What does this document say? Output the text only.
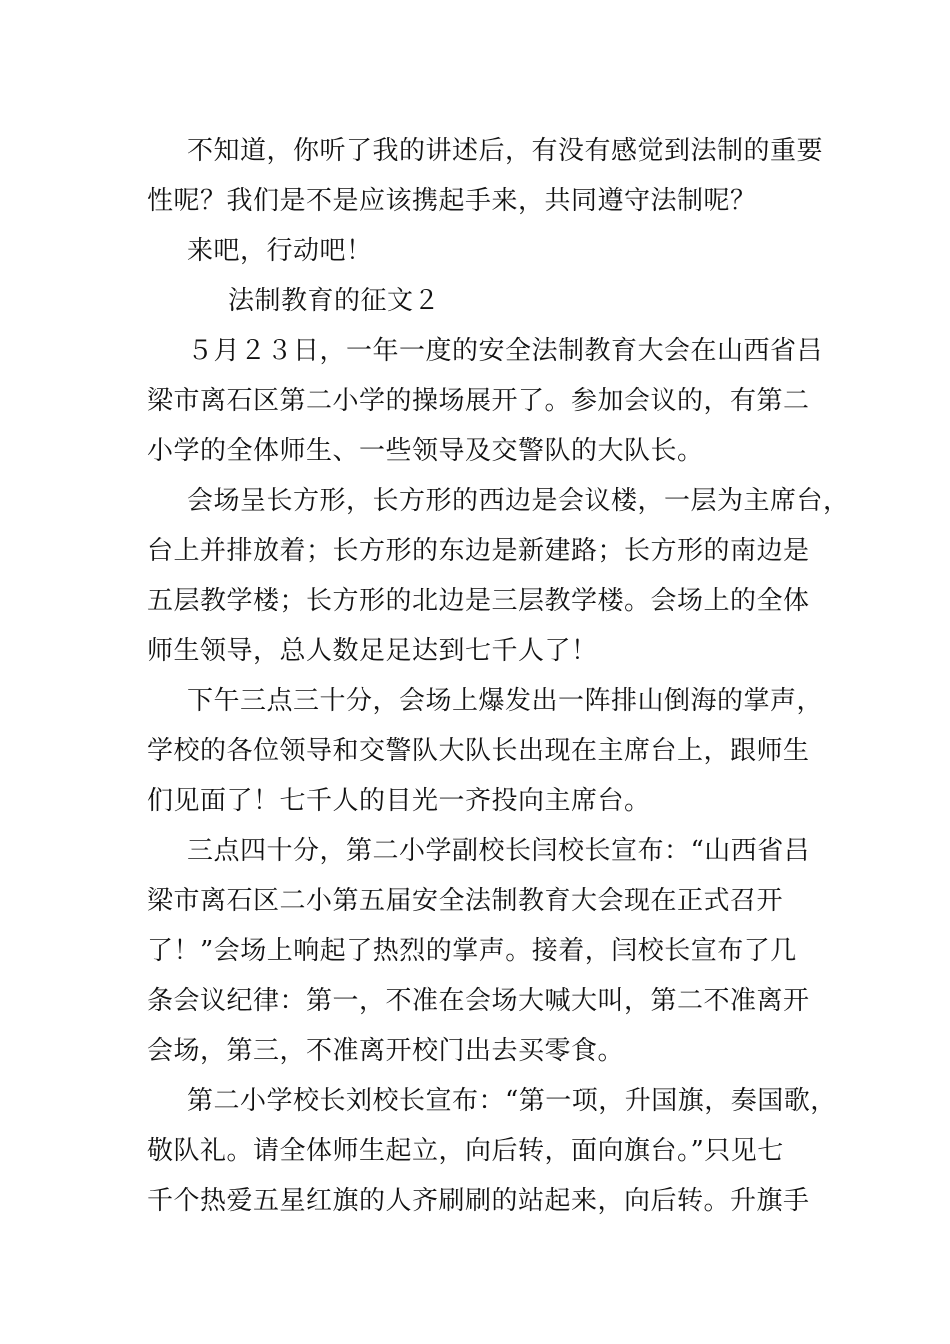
不知道，你听了我的讲述后，有没有感觉到法制的重要
性呢？我们是不是应该携起手来，共同遵守法制呢？
来吧，行动吧！
法制教育的征文２
５月２３日，一年一度的安全法制教育大会在山西省吕
梁市离石区第二小学的操场展开了。参加会议的，有第二
小学的全体师生、一些领导及交警队的大队长。
会场呈长方形，长方形的西边是会议楼，一层为主席台，
台上并排放着；长方形的东边是新建路；长方形的南边是
五层教学楼；长方形的北边是三层教学楼。会场上的全体
师生领导，总人数足足达到七千人了！
下午三点三十分，会场上爆发出一阵排山倒海的掌声，
学校的各位领导和交警队大队长出现在主席台上，跟师生
们见面了！七千人的目光一齐投向主席台。
三点四十分，第二小学副校长闫校长宣布：“山西省吕
梁市离石区二小第五届安全法制教育大会现在正式召开
了！”会场上响起了热烈的掌声。接着，闫校长宣布了几
条会议纪律：第一，不准在会场大喊大叫，第二不准离开
会场，第三，不准离开校门出去买零食。
第二小学校长刘校长宣布：“第一项，升国旗，奏国歌，
敬队礼。请全体师生起立，向后转，面向旗台。”只见七
千个热爱五星红旗的人齐刷刷的站起来，向后转。升旗手
